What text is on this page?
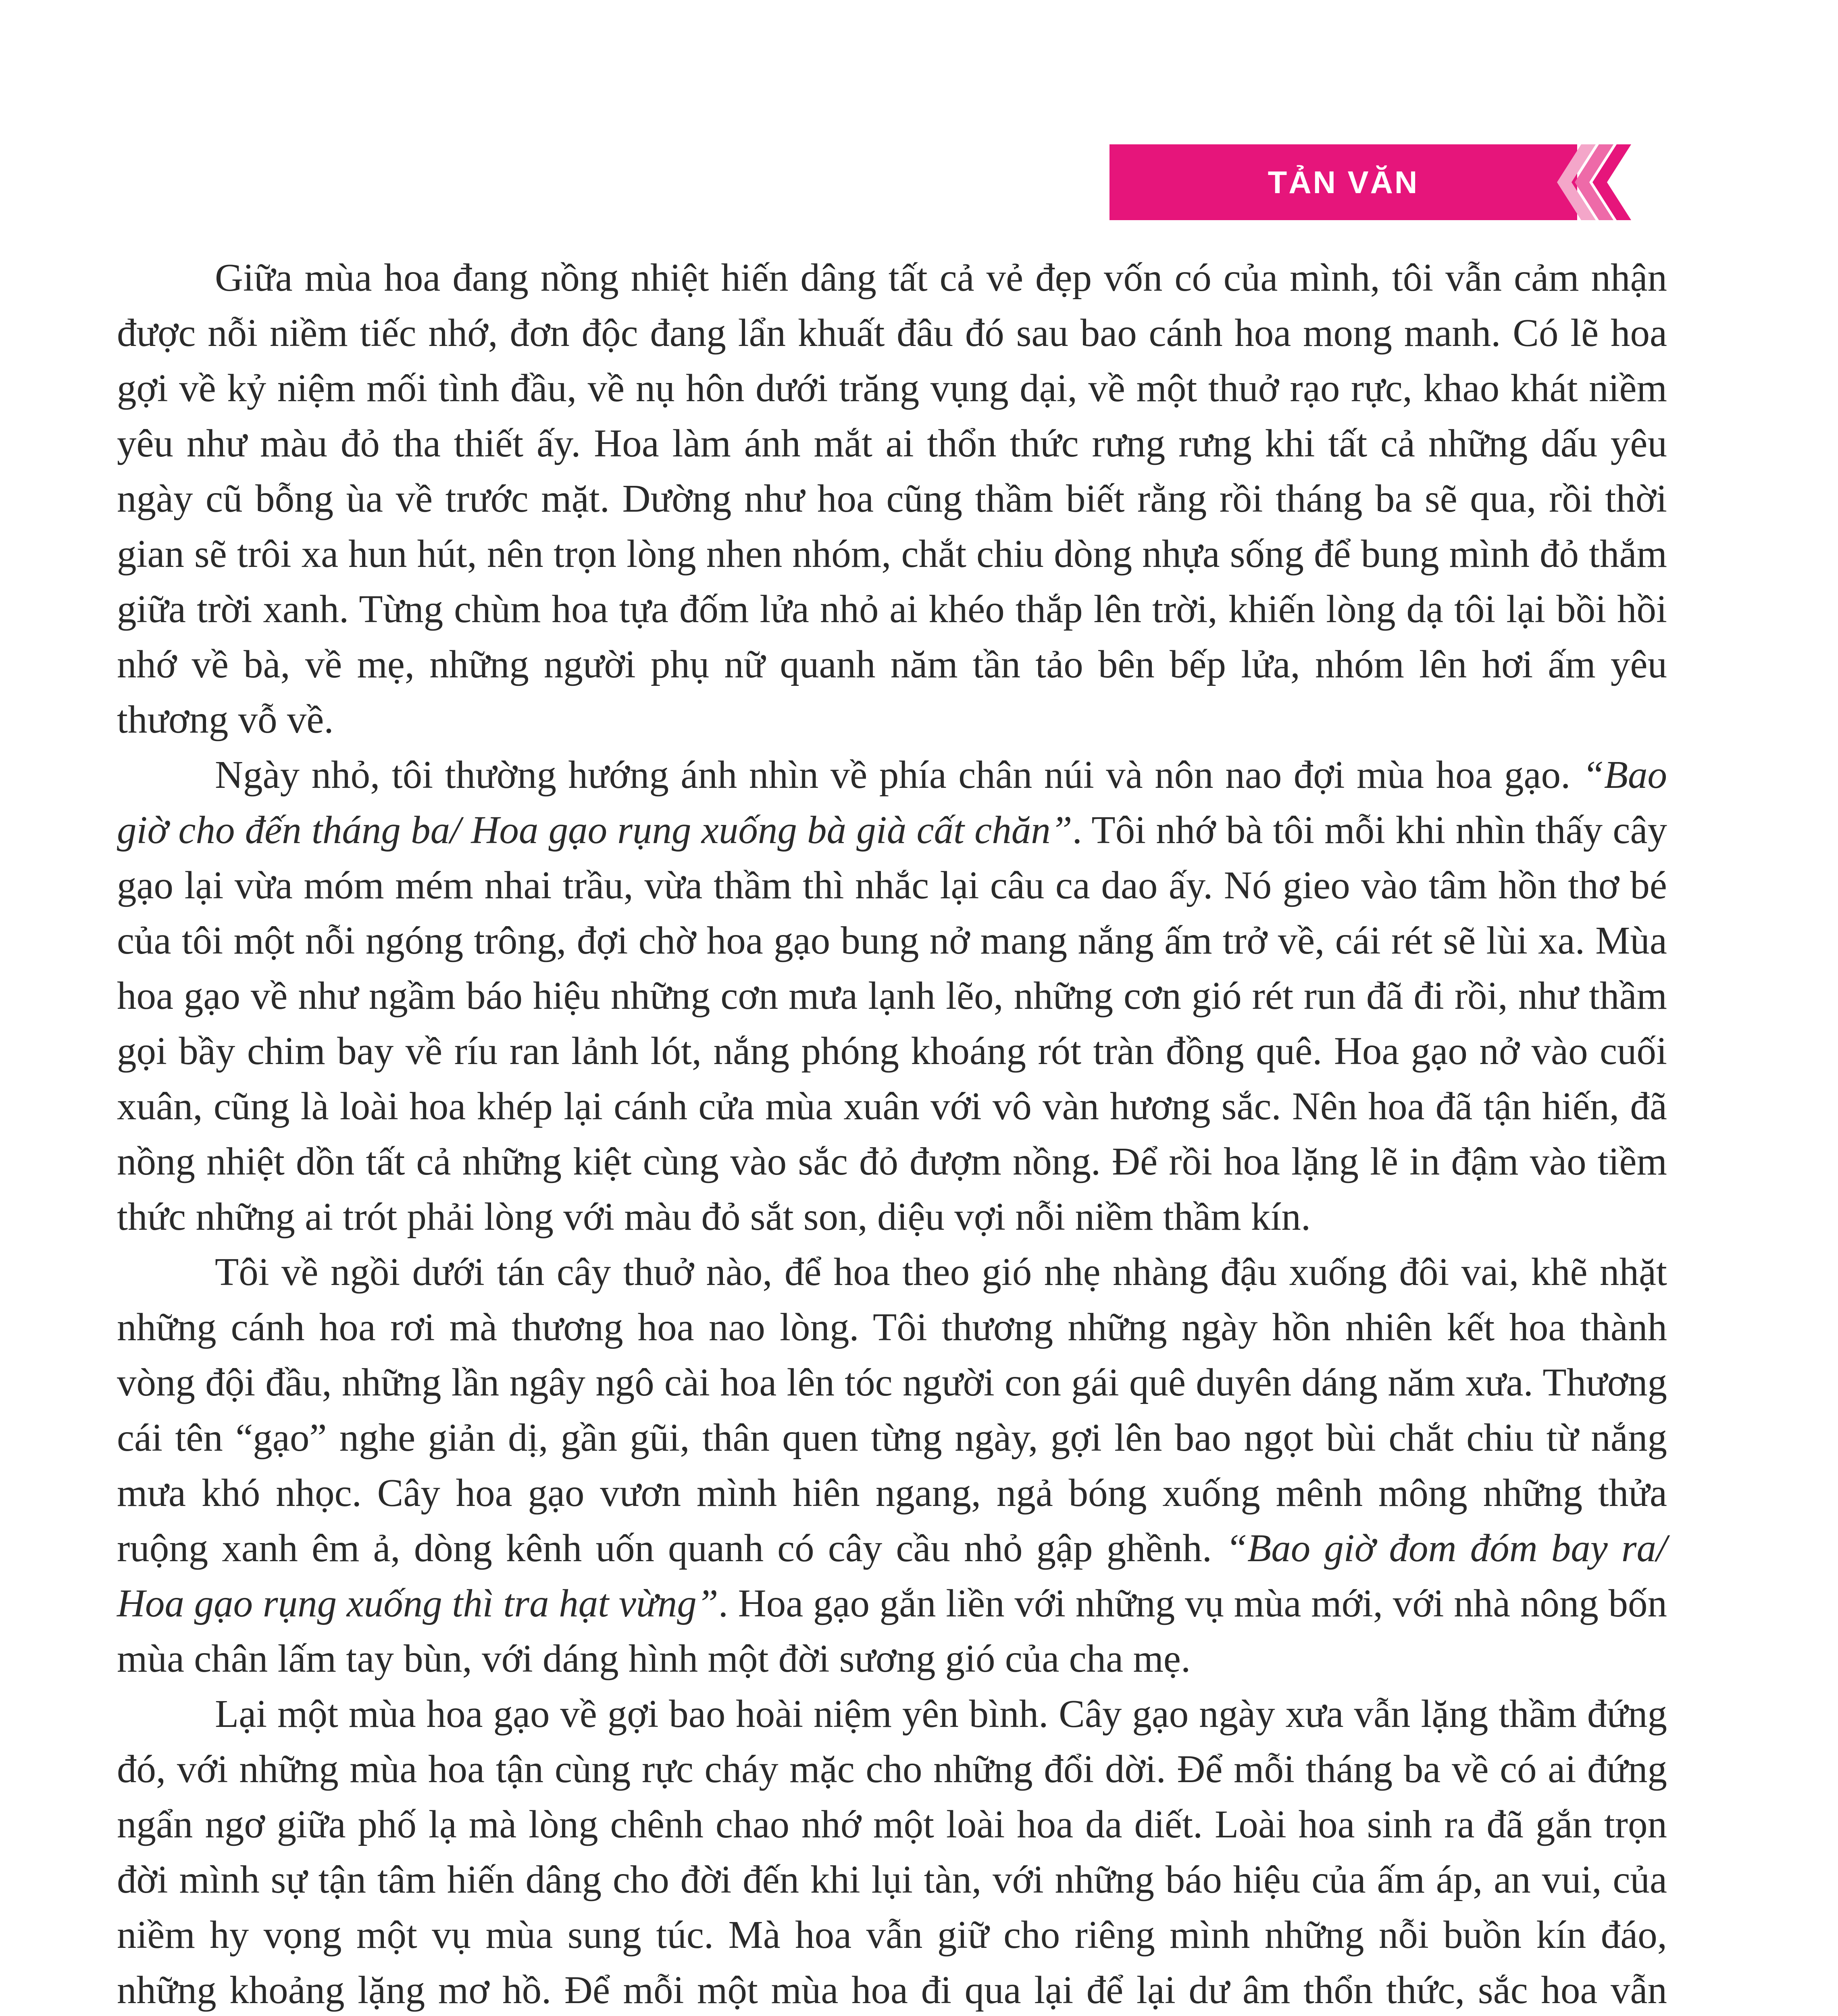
TẢN VĂN

Giữa mùa hoa đang nồng nhiệt hiến dâng tất cả vẻ đẹp vốn có của mình, tôi vẫn cảm nhận được nỗi niềm tiếc nhớ, đơn độc đang lẩn khuất đâu đó sau bao cánh hoa mong manh. Có lẽ hoa gợi về kỷ niệm mối tình đầu, về nụ hôn dưới trăng vụng dại, về một thuở rạo rực, khao khát niềm yêu như màu đỏ tha thiết ấy. Hoa làm ánh mắt ai thổn thức rưng rưng khi tất cả những dấu yêu ngày cũ bỗng ùa về trước mặt. Dường như hoa cũng thầm biết rằng rồi tháng ba sẽ qua, rồi thời gian sẽ trôi xa hun hút, nên trọn lòng nhen nhóm, chắt chiu dòng nhựa sống để bung mình đỏ thắm giữa trời xanh. Từng chùm hoa tựa đốm lửa nhỏ ai khéo thắp lên trời, khiến lòng dạ tôi lại bồi hồi nhớ về bà, về mẹ, những người phụ nữ quanh năm tần tảo bên bếp lửa, nhóm lên hơi ấm yêu thương vỗ về.

Ngày nhỏ, tôi thường hướng ánh nhìn về phía chân núi và nôn nao đợi mùa hoa gạo. “Bao giờ cho đến tháng ba/ Hoa gạo rụng xuống bà già cất chăn”. Tôi nhớ bà tôi mỗi khi nhìn thấy cây gạo lại vừa móm mém nhai trầu, vừa thầm thì nhắc lại câu ca dao ấy. Nó gieo vào tâm hồn thơ bé của tôi một nỗi ngóng trông, đợi chờ hoa gạo bung nở mang nắng ấm trở về, cái rét sẽ lùi xa. Mùa hoa gạo về như ngầm báo hiệu những cơn mưa lạnh lẽo, những cơn gió rét run đã đi rồi, như thầm gọi bầy chim bay về ríu ran lảnh lót, nắng phóng khoáng rót tràn đồng quê. Hoa gạo nở vào cuối xuân, cũng là loài hoa khép lại cánh cửa mùa xuân với vô vàn hương sắc. Nên hoa đã tận hiến, đã nồng nhiệt dồn tất cả những kiệt cùng vào sắc đỏ đượm nồng. Để rồi hoa lặng lẽ in đậm vào tiềm thức những ai trót phải lòng với màu đỏ sắt son, diệu vợi nỗi niềm thầm kín.

Tôi về ngồi dưới tán cây thuở nào, để hoa theo gió nhẹ nhàng đậu xuống đôi vai, khẽ nhặt những cánh hoa rơi mà thương hoa nao lòng. Tôi thương những ngày hồn nhiên kết hoa thành vòng đội đầu, những lần ngây ngô cài hoa lên tóc người con gái quê duyên dáng năm xưa. Thương cái tên “gạo” nghe giản dị, gần gũi, thân quen từng ngày, gợi lên bao ngọt bùi chắt chiu từ nắng mưa khó nhọc. Cây hoa gạo vươn mình hiên ngang, ngả bóng xuống mênh mông những thửa ruộng xanh êm ả, dòng kênh uốn quanh có cây cầu nhỏ gập ghềnh. “Bao giờ đom đóm bay ra/ Hoa gạo rụng xuống thì tra hạt vừng”. Hoa gạo gắn liền với những vụ mùa mới, với nhà nông bốn mùa chân lấm tay bùn, với dáng hình một đời sương gió của cha mẹ.

Lại một mùa hoa gạo về gợi bao hoài niệm yên bình. Cây gạo ngày xưa vẫn lặng thầm đứng đó, với những mùa hoa tận cùng rực cháy mặc cho những đổi dời. Để mỗi tháng ba về có ai đứng ngẩn ngơ giữa phố lạ mà lòng chênh chao nhớ một loài hoa da diết. Loài hoa sinh ra đã gắn trọn đời mình sự tận tâm hiến dâng cho đời đến khi lụi tàn, với những báo hiệu của ấm áp, an vui, của niềm hy vọng một vụ mùa sung túc. Mà hoa vẫn giữ cho riêng mình những nỗi buồn kín đáo, những khoảng lặng mơ hồ. Để mỗi một mùa hoa đi qua lại để lại dư âm thổn thức, sắc hoa vẫn
